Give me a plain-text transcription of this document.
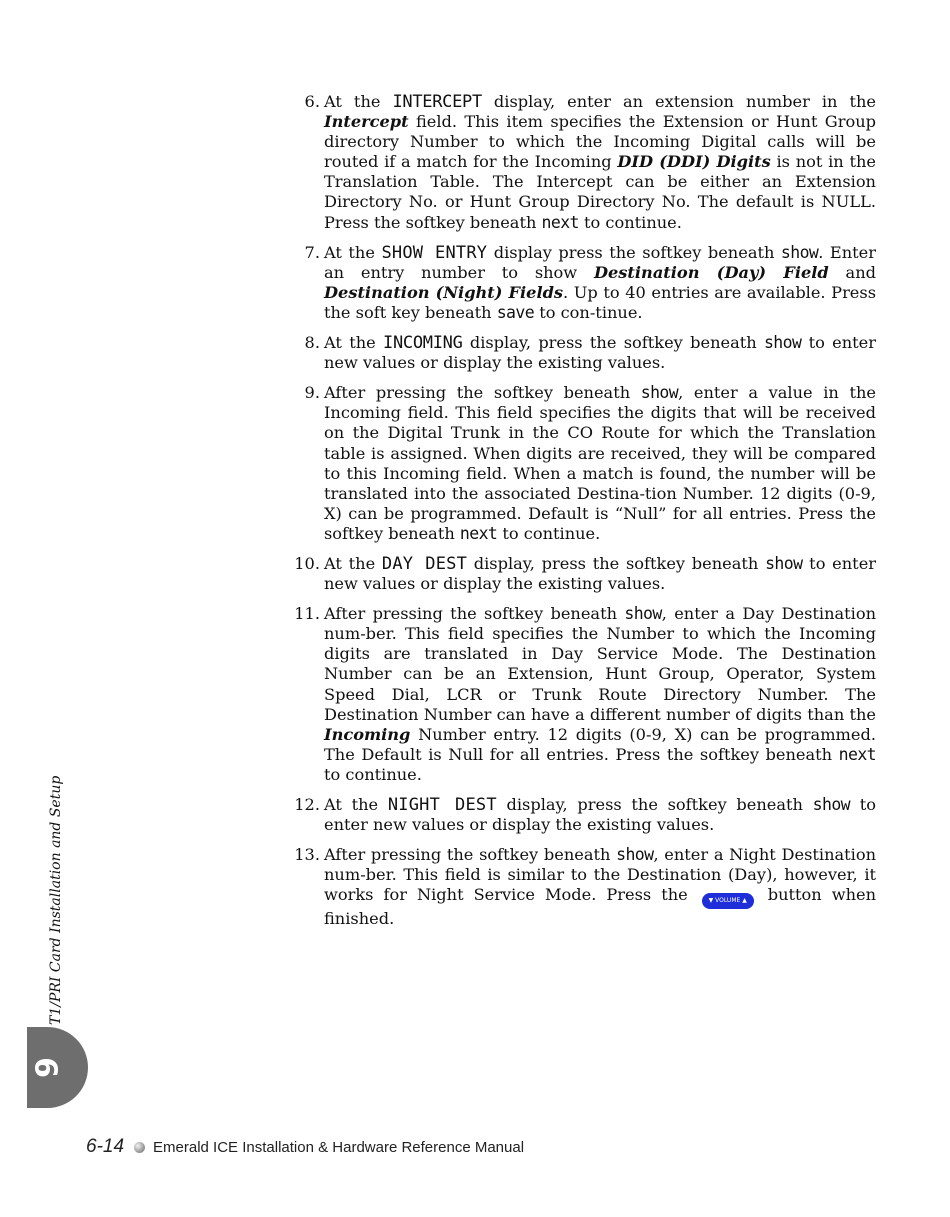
6. At the INTERCEPT display, enter an extension number in the Intercept field. This item specifies the Extension or Hunt Group directory Number to which the Incoming Digital calls will be routed if a match for the Incoming DID (DDI) Digits is not in the Translation Table. The Intercept can be either an Extension Directory No. or Hunt Group Directory No. The default is NULL. Press the softkey beneath next to continue.
7. At the SHOW ENTRY display press the softkey beneath show. Enter an entry number to show Destination (Day) Field and Destination (Night) Fields. Up to 40 entries are available. Press the soft key beneath save to con-tinue.
8. At the INCOMING display, press the softkey beneath show to enter new values or display the existing values.
9. After pressing the softkey beneath show, enter a value in the Incoming field. This field specifies the digits that will be received on the Digital Trunk in the CO Route for which the Translation table is assigned. When digits are received, they will be compared to this Incoming field. When a match is found, the number will be translated into the associated Destina-tion Number. 12 digits (0-9, X) can be programmed. Default is “Null” for all entries. Press the softkey beneath next to continue.
10. At the DAY DEST display, press the softkey beneath show to enter new values or display the existing values.
11. After pressing the softkey beneath show, enter a Day Destination num-ber. This field specifies the Number to which the Incoming digits are translated in Day Service Mode. The Destination Number can be an Extension, Hunt Group, Operator, System Speed Dial, LCR or Trunk Route Directory Number. The Destination Number can have a different number of digits than the Incoming Number entry. 12 digits (0-9, X) can be programmed. The Default is Null for all entries. Press the softkey beneath next to continue.
12. At the NIGHT DEST display, press the softkey beneath show to enter new values or display the existing values.
13. After pressing the softkey beneath show, enter a Night Destination num-ber. This field is similar to the Destination (Day), however, it works for Night Service Mode. Press the ▼ VOLUME ▲ button when finished.
T1/PRI Card Installation and Setup
6
6-14 Emerald ICE Installation & Hardware Reference Manual
